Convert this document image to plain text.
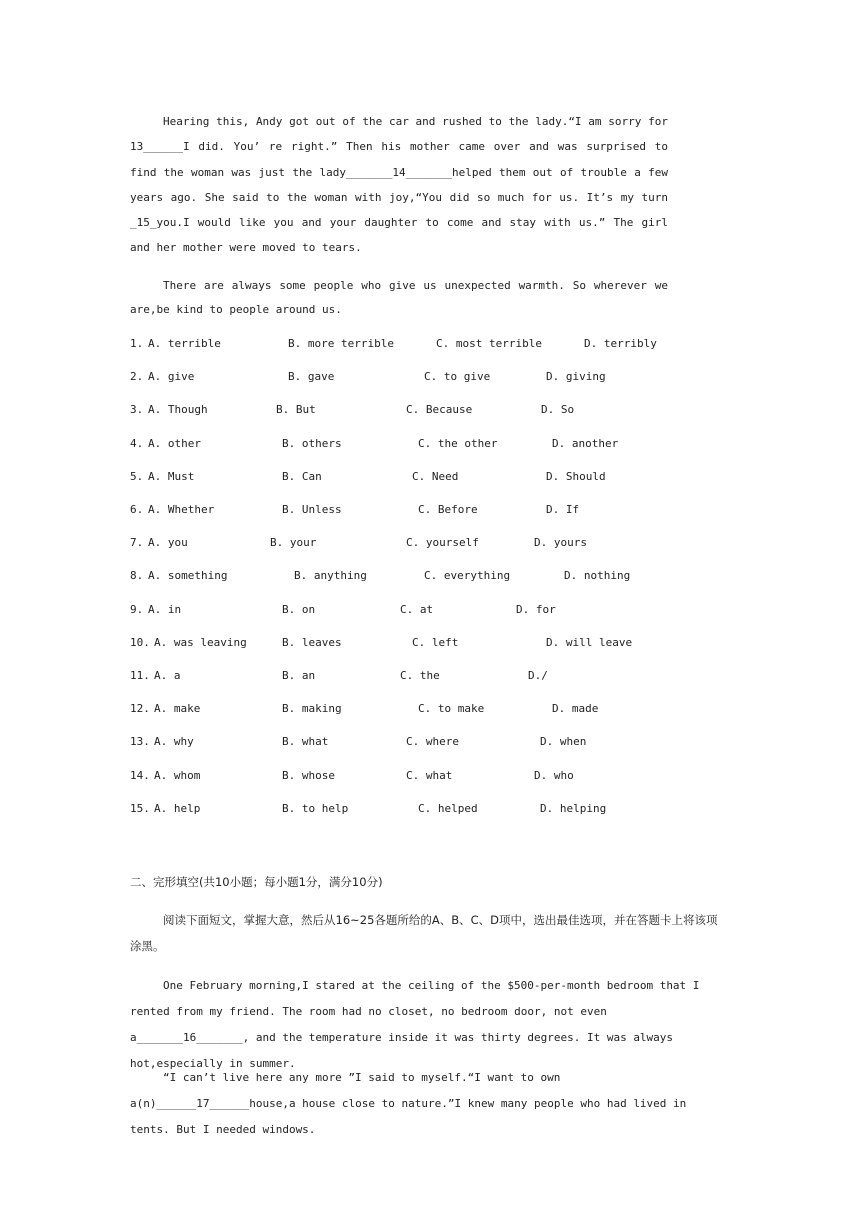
Hearing this, Andy got out of the car and rushed to the lady.“I am sorry for 13______I did. You’ re right.” Then his mother came over and was surprised to find the woman was just the lady_______14_______helped them out of trouble a few years ago. She said to the woman with joy,“You did so much for us. It’s my turn _15_you.I would like you and your daughter to come and stay with us.” The girl and her mother were moved to tears.

There are always some people who give us unexpected warmth. So wherever we are,be kind to people around us.

1. A. terrible	B. more terrible	C. most terrible	D. terribly
2. A. give	B. gave	C. to give	D. giving
3. A. Though	B. But	C. Because	D. So
4. A. other	B. others	C. the other	D. another
5. A. Must	B. Can	C. Need	D. Should
6. A. Whether	B. Unless	C. Before	D. If
7. A. you	B. your	C. yourself	D. yours
8. A. something	B. anything	C. everything	D. nothing
9. A. in	B. on	C. at	D. for
10. A. was leaving	B. leaves	C. left	D. will leave
11. A. a	B. an	C. the	D./
12. A. make	B. making	C. to make	D. made
13. A. why	B. what	C. where	D. when
14. A. whom	B. whose	C. what	D. who
15. A. help	B. to help	C. helped	D. helping

二、完形填空(共10小题；每小题1分，满分10分)

阅读下面短文，掌握大意，然后从16~25各题所给的A、B、C、D项中，选出最佳选项，并在答题卡上将该项涂黑。

One February morning,I stared at the ceiling of the $500-per-month bedroom that I rented from my friend. The room had no closet, no bedroom door, not even a_______16_______, and the temperature inside it was thirty degrees. It was always hot,especially in summer.

“I can’t live here any more ”I said to myself.“I want to own a(n)______17______house,a house close to nature.”I knew many people who had lived in tents. But I needed windows.
